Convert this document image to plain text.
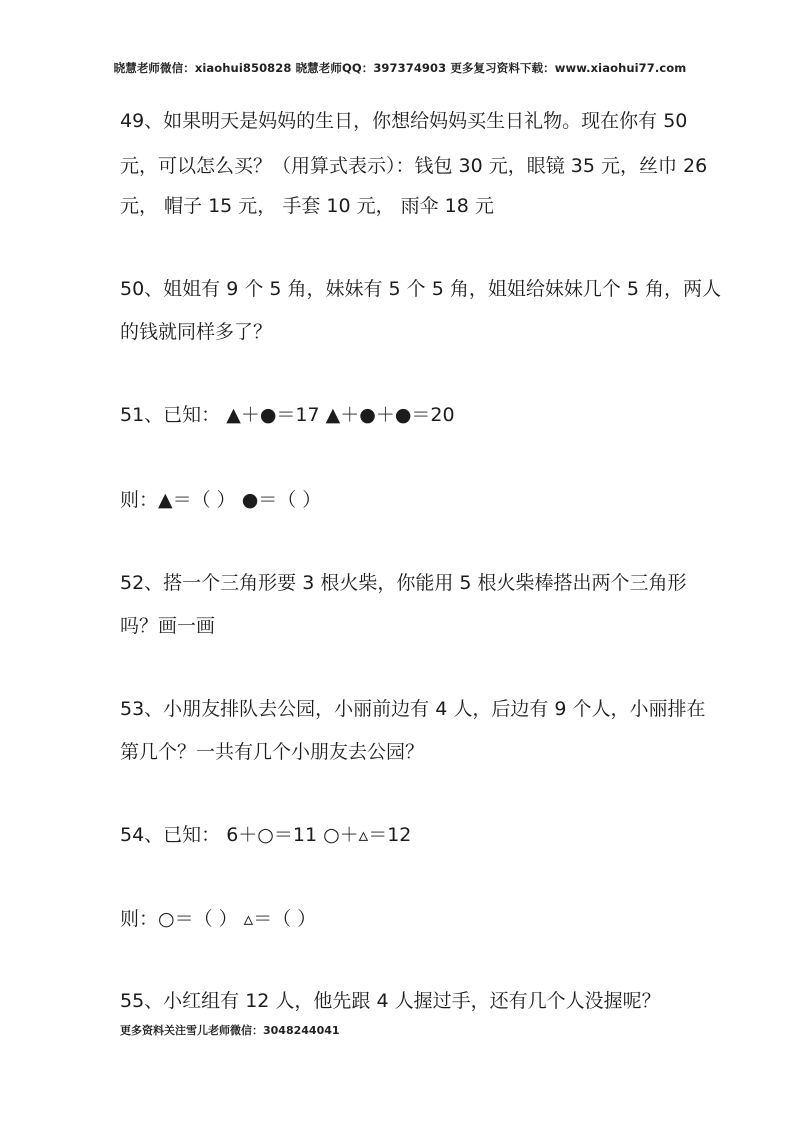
晓慧老师微信：xiaohui850828 晓慧老师QQ：397374903 更多复习资料下载：www.xiaohui77.com
49、如果明天是妈妈的生日，你想给妈妈买生日礼物。现在你有 50
元，可以怎么买？（用算式表示）：钱包 30 元，眼镜 35 元，丝巾 26
元， 帽子 15 元， 手套 10 元， 雨伞 18 元
50、姐姐有 9 个 5 角，妹妹有 5 个 5 角，姐姐给妹妹几个 5 角，两人
的钱就同样多了？
51、已知： ▲＋●＝17 ▲＋●＋●＝20
则：▲＝（ ） ●＝（ ）
52、搭一个三角形要 3 根火柴，你能用 5 根火柴棒搭出两个三角形
吗？画一画
53、小朋友排队去公园，小丽前边有 4 人，后边有 9 个人，小丽排在
第几个？一共有几个小朋友去公园？
54、已知： 6＋○＝11 ○＋▵＝12
则：○＝（ ） ▵＝（ ）
55、小红组有 12 人，他先跟 4 人握过手，还有几个人没握呢？
更多资料关注雪儿老师微信：3048244041
